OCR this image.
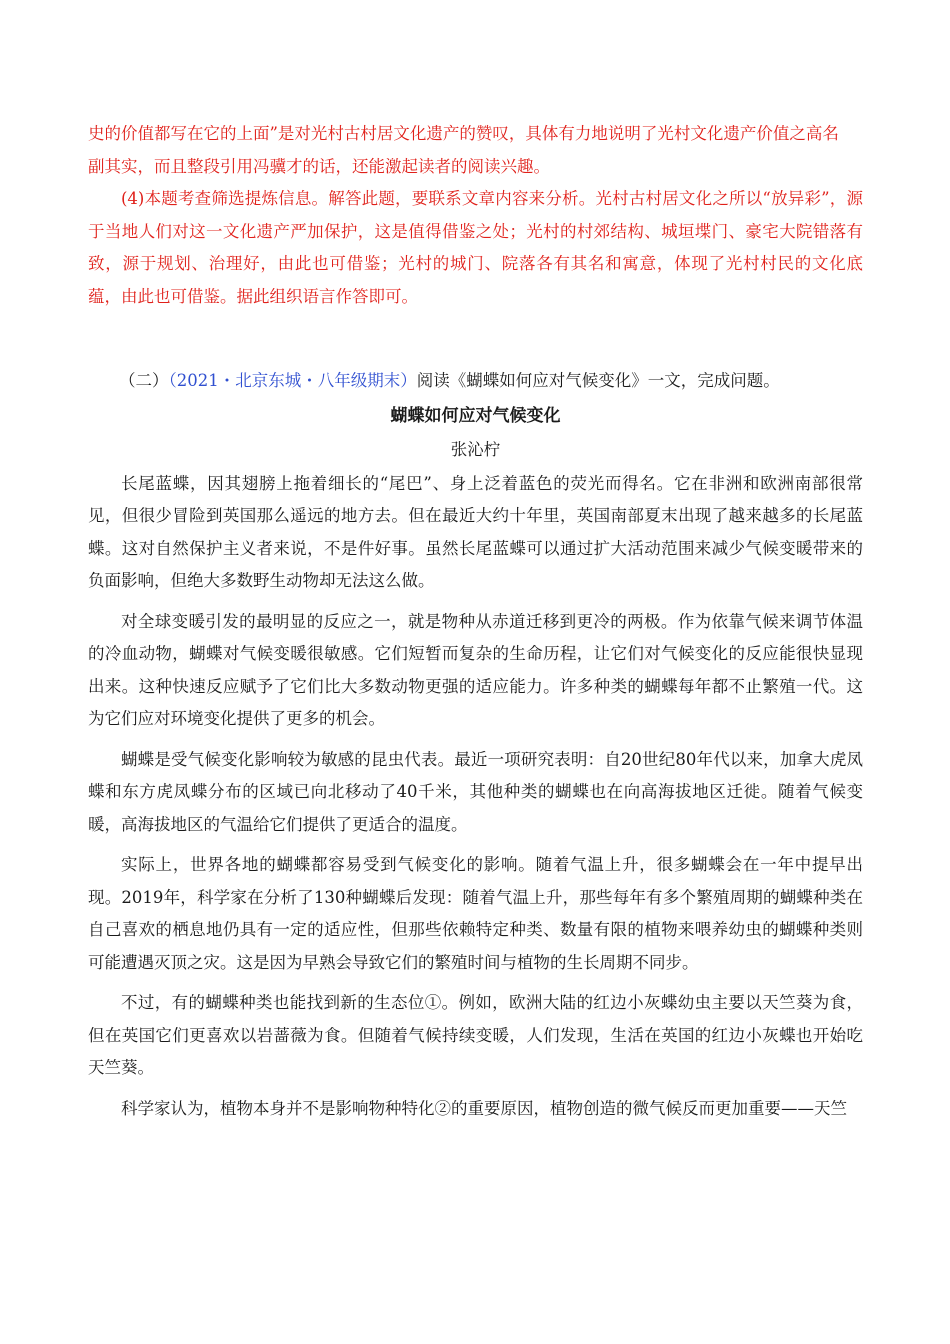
史的价值都写在它的上面”是对光村古村居文化遗产的赞叹，具体有力地说明了光村文化遗产价值之高名

副其实，而且整段引用冯骥才的话，还能激起读者的阅读兴趣。

(4)本题考查筛选提炼信息。解答此题，要联系文章内容来分析。光村古村居文化之所以“放异彩”，源于当地人们对这一文化遗产严加保护，这是值得借鉴之处；光村的村郊结构、城垣堞门、豪宅大院错落有致，源于规划、治理好，由此也可借鉴；光村的城门、院落各有其名和寓意，体现了光村村民的文化底蕴，由此也可借鉴。据此组织语言作答即可。

（二）（2021・北京东城・八年级期末）阅读《蝴蝶如何应对气候变化》一文，完成问题。

蝴蝶如何应对气候变化

张沁柠

长尾蓝蝶，因其翅膀上拖着细长的“尾巴”、身上泛着蓝色的荧光而得名。它在非洲和欧洲南部很常见，但很少冒险到英国那么遥远的地方去。但在最近大约十年里，英国南部夏末出现了越来越多的长尾蓝蝶。这对自然保护主义者来说，不是件好事。虽然长尾蓝蝶可以通过扩大活动范围来减少气候变暖带来的负面影响，但绝大多数野生动物却无法这么做。

对全球变暖引发的最明显的反应之一，就是物种从赤道迁移到更冷的两极。作为依靠气候来调节体温的冷血动物，蝴蝶对气候变暖很敏感。它们短暂而复杂的生命历程，让它们对气候变化的反应能很快显现出来。这种快速反应赋予了它们比大多数动物更强的适应能力。许多种类的蝴蝶每年都不止繁殖一代。这为它们应对环境变化提供了更多的机会。

蝴蝶是受气候变化影响较为敏感的昆虫代表。最近一项研究表明：自20世纪80年代以来，加拿大虎凤蝶和东方虎凤蝶分布的区域已向北移动了40千米，其他种类的蝴蝶也在向高海拔地区迁徙。随着气候变暖，高海拔地区的气温给它们提供了更适合的温度。

实际上，世界各地的蝴蝶都容易受到气候变化的影响。随着气温上升，很多蝴蝶会在一年中提早出现。2019年，科学家在分析了130种蝴蝶后发现：随着气温上升，那些每年有多个繁殖周期的蝴蝶种类在自己喜欢的栖息地仍具有一定的适应性，但那些依赖特定种类、数量有限的植物来喂养幼虫的蝴蝶种类则可能遭遇灭顶之灾。这是因为早熟会导致它们的繁殖时间与植物的生长周期不同步。

不过，有的蝴蝶种类也能找到新的生态位①。例如，欧洲大陆的红边小灰蝶幼虫主要以天竺葵为食，但在英国它们更喜欢以岩蔷薇为食。但随着气候持续变暖，人们发现，生活在英国的红边小灰蝶也开始吃天竺葵。

科学家认为，植物本身并不是影响物种特化②的重要原因，植物创造的微气候反而更加重要——天竺
